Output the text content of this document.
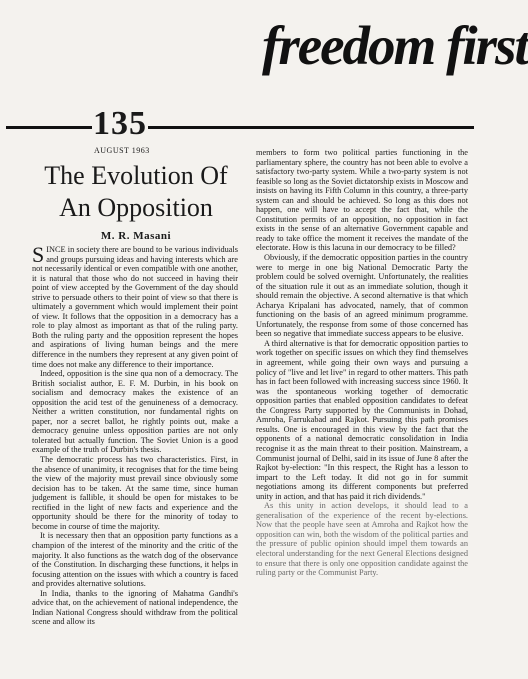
freedom first
135
AUGUST 1963
The Evolution Of An Opposition
M. R. Masani

SINCE in society there are bound to be various individuals and groups pursuing ideas and having interests which are not necessarily identical or even compatible with one another, it is natural that those who do not succeed in having their point of view accepted by the Government of the day should strive to persuade others to their point of view so that there is ultimately a government which would implement their point of view. It follows that the opposition in a democracy has a role to play almost as important as that of the ruling party. Both the ruling party and the opposition represent the hopes and aspirations of living human beings and the mere difference in the numbers they represent at any given point of time does not make any difference to their importance.

Indeed, opposition is the sine qua non of a democracy. The British socialist author, E. F. M. Durbin, in his book on socialism and democracy makes the existence of an opposition the acid test of the genuineness of a democracy. Neither a written constitution, nor fundamental rights on paper, nor a secret ballot, he rightly points out, make a democracy genuine unless opposition parties are not only tolerated but actually function. The Soviet Union is a good example of the truth of Durbin's thesis.

The democratic process has two characteristics. First, in the absence of unanimity, it recognises that for the time being the view of the majority must prevail since obviously some decision has to be taken. At the same time, since human judgement is fallible, it should be open for mistakes to be rectified in the light of new facts and experience and the opportunity should be there for the minority of today to become in course of time the majority.

It is necessary then that an opposition party functions as a champion of the interest of the minority and the critic of the majority. It also functions as the watch dog of the observance of the Constitution. In discharging these functions, it helps in focusing attention on the issues with which a country is faced and provides alternative solutions.

In India, thanks to the ignoring of Mahatma Gandhi's advice that, on the achievement of national independence, the Indian National Congress should withdraw from the political scene and allow its

members to form two political parties functioning in the parliamentary sphere, the country has not been able to evolve a satisfactory two-party system. While a two-party system is not feasible so long as the Soviet dictatorship exists in Moscow and insists on having its Fifth Column in this country, a three-party system can and should be achieved. So long as this does not happen, one will have to accept the fact that, while the Constitution permits of an opposition, no opposition in fact exists in the sense of an alternative Government capable and ready to take office the moment it receives the mandate of the electorate. How is this lacuna in our democracy to be filled?

Obviously, if the democratic opposition parties in the country were to merge in one big National Democratic Party the problem could be solved overnight. Unfortunately, the realities of the situation rule it out as an immediate solution, though it should remain the objective. A second alternative is that which Acharya Kripalani has advocated, namely, that of common functioning on the basis of an agreed minimum programme. Unfortunately, the response from some of those concerned has been so negative that immediate success appears to be elusive.

A third alternative is that for democratic opposition parties to work together on specific issues on which they find themselves in agreement, while going their own ways and pursuing a policy of "live and let live" in regard to other matters. This path has in fact been followed with increasing success since 1960. It was the spontaneous working together of democratic opposition parties that enabled opposition candidates to defeat the Congress Party supported by the Communists in Dohad, Amroha, Farrukabad and Rajkot. Pursuing this path promises results. One is encouraged in this view by the fact that the opponents of a national democratic consolidation in India recognise it as the main threat to their position. Mainstream, a Communist journal of Delhi, said in its issue of June 8 after the Rajkot by-election: "In this respect, the Right has a lesson to impart to the Left today. It did not go in for summit negotiations among its different components but preferred unity in action, and that has paid it rich dividends."

As this unity in action develops, it should lead to a generalisation of the experience of the recent by-elections. Now that the people have seen at Amroha and Rajkot how the opposition can win, both the wisdom of the political parties and the pressure of public opinion should impel them towards an electoral understanding for the next General Elections designed to ensure that there is only one opposition candidate against the ruling party or the Communist Party.
